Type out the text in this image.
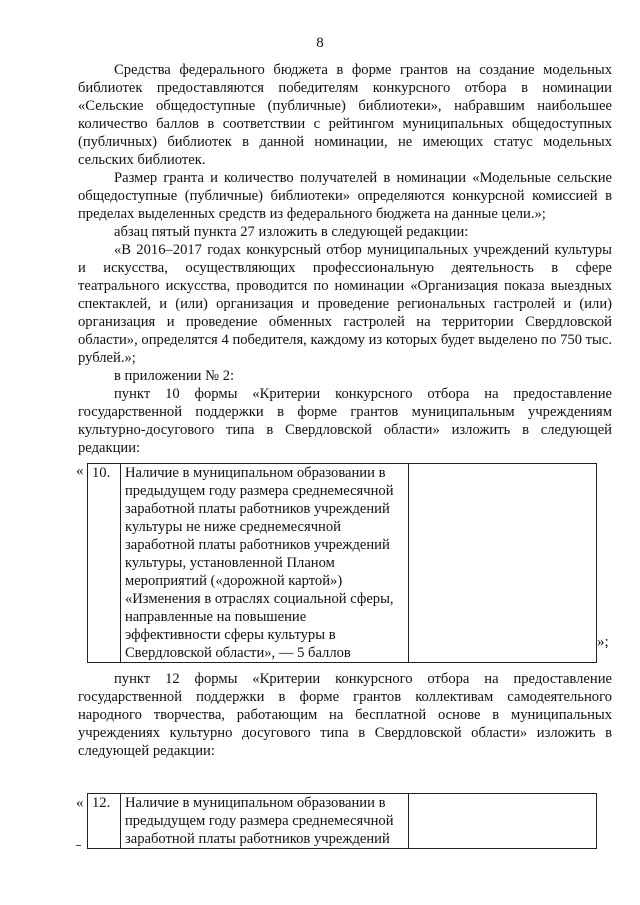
8

Средства федерального бюджета в форме грантов на создание модельных библиотек предоставляются победителям конкурсного отбора в номинации «Сельские общедоступные (публичные) библиотеки», набравшим наибольшее количество баллов в соответствии с рейтингом муниципальных общедоступных (публичных) библиотек в данной номинации, не имеющих статус модельных сельских библиотек.

Размер гранта и количество получателей в номинации «Модельные сельские общедоступные (публичные) библиотеки» определяются конкурсной комиссией в пределах выделенных средств из федерального бюджета на данные цели.»;

абзац пятый пункта 27 изложить в следующей редакции:

«В 2016–2017 годах конкурсный отбор муниципальных учреждений культуры и искусства, осуществляющих профессиональную деятельность в сфере театрального искусства, проводится по номинации «Организация показа выездных спектаклей, и (или) организация и проведение региональных гастролей и (или) организация и проведение обменных гастролей на территории Свердловской области», определятся 4 победителя, каждому из которых будет выделено по 750 тыс. рублей.»;

в приложении № 2:

пункт 10 формы «Критерии конкурсного отбора на предоставление государственной поддержки в форме грантов муниципальным учреждениям культурно-досугового типа в Свердловской области» изложить в следующей редакции:

« 10.	Наличие в муниципальном образовании в предыдущем году размера среднемесячной заработной платы работников учреждений культуры не ниже среднемесячной заработной платы работников учреждений культуры, установленной Планом мероприятий («дорожной картой») «Изменения в отраслях социальной сферы, направленные на повышение эффективности сферы культуры в Свердловской области», — 5 баллов	
»;

пункт 12 формы «Критерии конкурсного отбора на предоставление государственной поддержки в форме грантов коллективам самодеятельного народного творчества, работающим на бесплатной основе в муниципальных учреждениях культурно досугового типа в Свердловской области» изложить в следующей редакции:

« 12.	Наличие в муниципальном образовании в предыдущем году размера среднемесячной заработной платы работников учреждений	
